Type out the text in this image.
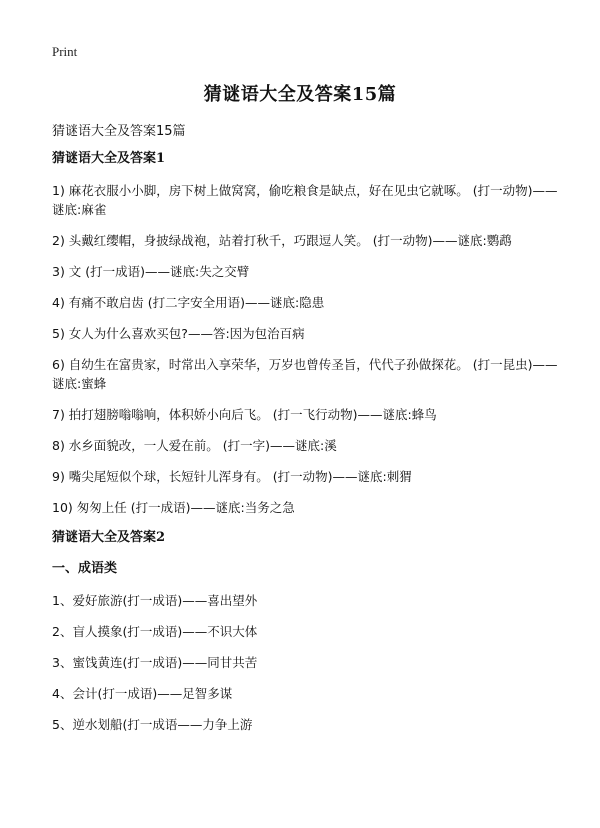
Print
猜谜语大全及答案15篇
猜谜语大全及答案15篇
猜谜语大全及答案1
1) 麻花衣服小小脚，房下树上做窝窝，偷吃粮食是缺点，好在见虫它就啄。 (打一动物)——谜底:麻雀
2) 头戴红缨帽，身披绿战袍，站着打秋千，巧跟逗人笑。 (打一动物)——谜底:鹦鹉
3) 文 (打一成语)——谜底:失之交臂
4) 有痛不敢启齿 (打二字安全用语)——谜底:隐患
5) 女人为什么喜欢买包?——答:因为包治百病
6) 自幼生在富贵家，时常出入享荣华，万岁也曾传圣旨，代代子孙做探花。 (打一昆虫)——谜底:蜜蜂
7) 拍打翅膀嗡嗡响，体积娇小向后飞。 (打一飞行动物)——谜底:蜂鸟
8) 水乡面貌改，一人爱在前。 (打一字)——谜底:溪
9) 嘴尖尾短似个球，长短针儿浑身有。 (打一动物)——谜底:刺猬
10) 匆匆上任 (打一成语)——谜底:当务之急
猜谜语大全及答案2
一、成语类
1、爱好旅游(打一成语)——喜出望外
2、盲人摸象(打一成语)——不识大体
3、蜜饯黄连(打一成语)——同甘共苦
4、会计(打一成语)——足智多谋
5、逆水划船(打一成语——力争上游
